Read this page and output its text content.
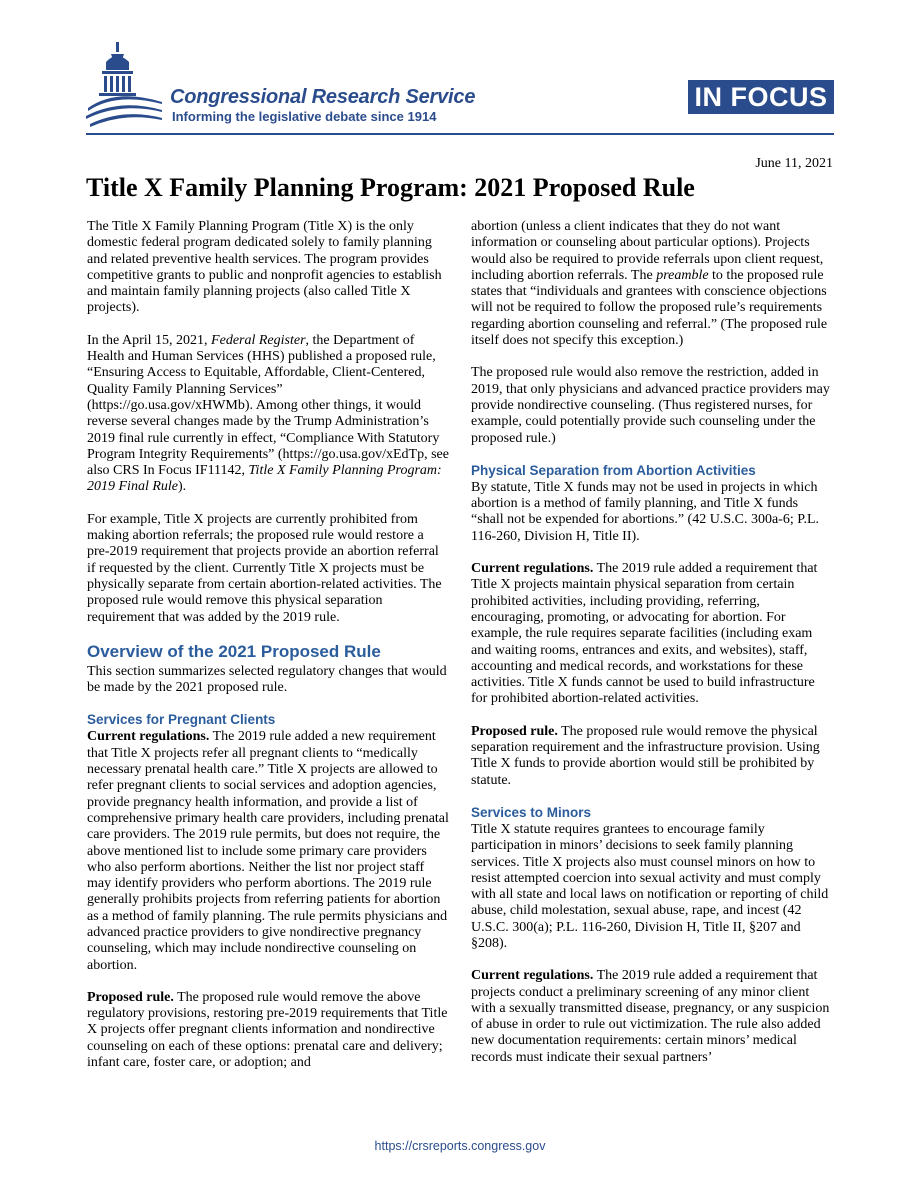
Congressional Research Service
Informing the legislative debate since 1914
IN FOCUS
June 11, 2021
Title X Family Planning Program: 2021 Proposed Rule

The Title X Family Planning Program (Title X) is the only domestic federal program dedicated solely to family planning and related preventive health services. The program provides competitive grants to public and nonprofit agencies to establish and maintain family planning projects (also called Title X projects).

In the April 15, 2021, Federal Register, the Department of Health and Human Services (HHS) published a proposed rule, “Ensuring Access to Equitable, Affordable, Client-Centered, Quality Family Planning Services” (https://go.usa.gov/xHWMb). Among other things, it would reverse several changes made by the Trump Administration’s 2019 final rule currently in effect, “Compliance With Statutory Program Integrity Requirements” (https://go.usa.gov/xEdTp, see also CRS In Focus IF11142, Title X Family Planning Program: 2019 Final Rule).

For example, Title X projects are currently prohibited from making abortion referrals; the proposed rule would restore a pre-2019 requirement that projects provide an abortion referral if requested by the client. Currently Title X projects must be physically separate from certain abortion-related activities. The proposed rule would remove this physical separation requirement that was added by the 2019 rule.

Overview of the 2021 Proposed Rule

This section summarizes selected regulatory changes that would be made by the 2021 proposed rule.

Services for Pregnant Clients

Current regulations. The 2019 rule added a new requirement that Title X projects refer all pregnant clients to “medically necessary prenatal health care.” Title X projects are allowed to refer pregnant clients to social services and adoption agencies, provide pregnancy health information, and provide a list of comprehensive primary health care providers, including prenatal care providers. The 2019 rule permits, but does not require, the above mentioned list to include some primary care providers who also perform abortions. Neither the list nor project staff may identify providers who perform abortions. The 2019 rule generally prohibits projects from referring patients for abortion as a method of family planning. The rule permits physicians and advanced practice providers to give nondirective pregnancy counseling, which may include nondirective counseling on abortion.

Proposed rule. The proposed rule would remove the above regulatory provisions, restoring pre-2019 requirements that Title X projects offer pregnant clients information and nondirective counseling on each of these options: prenatal care and delivery; infant care, foster care, or adoption; and

abortion (unless a client indicates that they do not want information or counseling about particular options). Projects would also be required to provide referrals upon client request, including abortion referrals. The preamble to the proposed rule states that “individuals and grantees with conscience objections will not be required to follow the proposed rule’s requirements regarding abortion counseling and referral.” (The proposed rule itself does not specify this exception.)

The proposed rule would also remove the restriction, added in 2019, that only physicians and advanced practice providers may provide nondirective counseling. (Thus registered nurses, for example, could potentially provide such counseling under the proposed rule.)

Physical Separation from Abortion Activities

By statute, Title X funds may not be used in projects in which abortion is a method of family planning, and Title X funds “shall not be expended for abortions.” (42 U.S.C. 300a-6; P.L. 116-260, Division H, Title II).

Current regulations. The 2019 rule added a requirement that Title X projects maintain physical separation from certain prohibited activities, including providing, referring, encouraging, promoting, or advocating for abortion. For example, the rule requires separate facilities (including exam and waiting rooms, entrances and exits, and websites), staff, accounting and medical records, and workstations for these activities. Title X funds cannot be used to build infrastructure for prohibited abortion-related activities.

Proposed rule. The proposed rule would remove the physical separation requirement and the infrastructure provision. Using Title X funds to provide abortion would still be prohibited by statute.

Services to Minors

Title X statute requires grantees to encourage family participation in minors’ decisions to seek family planning services. Title X projects also must counsel minors on how to resist attempted coercion into sexual activity and must comply with all state and local laws on notification or reporting of child abuse, child molestation, sexual abuse, rape, and incest (42 U.S.C. 300(a); P.L. 116-260, Division H, Title II, §207 and §208).

Current regulations. The 2019 rule added a requirement that projects conduct a preliminary screening of any minor client with a sexually transmitted disease, pregnancy, or any suspicion of abuse in order to rule out victimization. The rule also added new documentation requirements: certain minors’ medical records must indicate their sexual partners’

https://crsreports.congress.gov
